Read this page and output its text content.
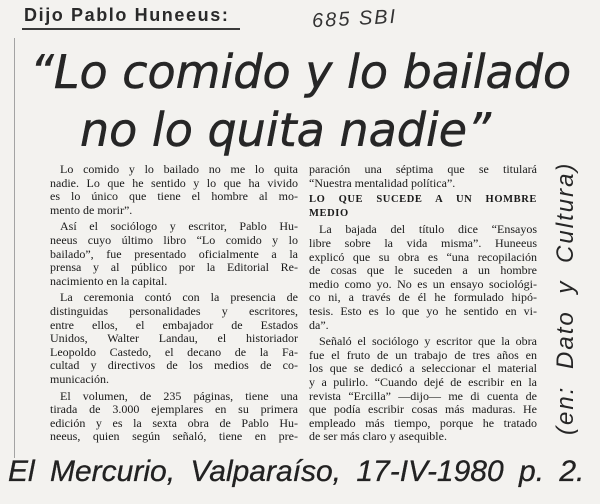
Dijo Pablo Huneeus:	685 SBI
“Lo comido y lo bailado
no lo quita nadie”
Lo comido y lo bailado no me lo quita
nadie. Lo que he sentido y lo que ha vivido
es lo único que tiene el hombre al mo-
mento de morir”.
Así el sociólogo y escritor, Pablo Hu-
neeus cuyo último libro “Lo comido y lo
bailado”, fue presentado oficialmente a la
prensa y al público por la Editorial Re-
nacimiento en la capital.
La ceremonia contó con la presencia de
distinguidas personalidades y escritores,
entre ellos, el embajador de Estados
Unidos, Walter Landau, el historiador
Leopoldo Castedo, el decano de la Fa-
cultad y directivos de los medios de co-
municación.
El volumen, de 235 páginas, tiene una
tirada de 3.000 ejemplares en su primera
edición y es la sexta obra de Pablo Hu-
neeus, quien según señaló, tiene en pre-
paración una séptima que se titulará
“Nuestra mentalidad política”.
LO QUE SUCEDE A UN HOMBRE
MEDIO
La bajada del título dice “Ensayos
libre sobre la vida misma”. Huneeus
explicó que su obra es “una recopilación
de cosas que le suceden a un hombre
medio como yo. No es un ensayo sociológi-
co ni, a través de él he formulado hipó-
tesis. Esto es lo que yo he sentido en vi-
da”.
Señaló el sociólogo y escritor que la obra
fue el fruto de un trabajo de tres años en
los que se dedicó a seleccionar el material
y a pulirlo. “Cuando dejé de escribir en la
revista “Ercilla” —dijo— me di cuenta de
que podía escribir cosas más maduras. He
empleado más tiempo, porque he tratado
de ser más claro y asequible.
(en: Dato y Cultura)
El Mercurio, Valparaíso, 17-IV-1980 p. 2.
